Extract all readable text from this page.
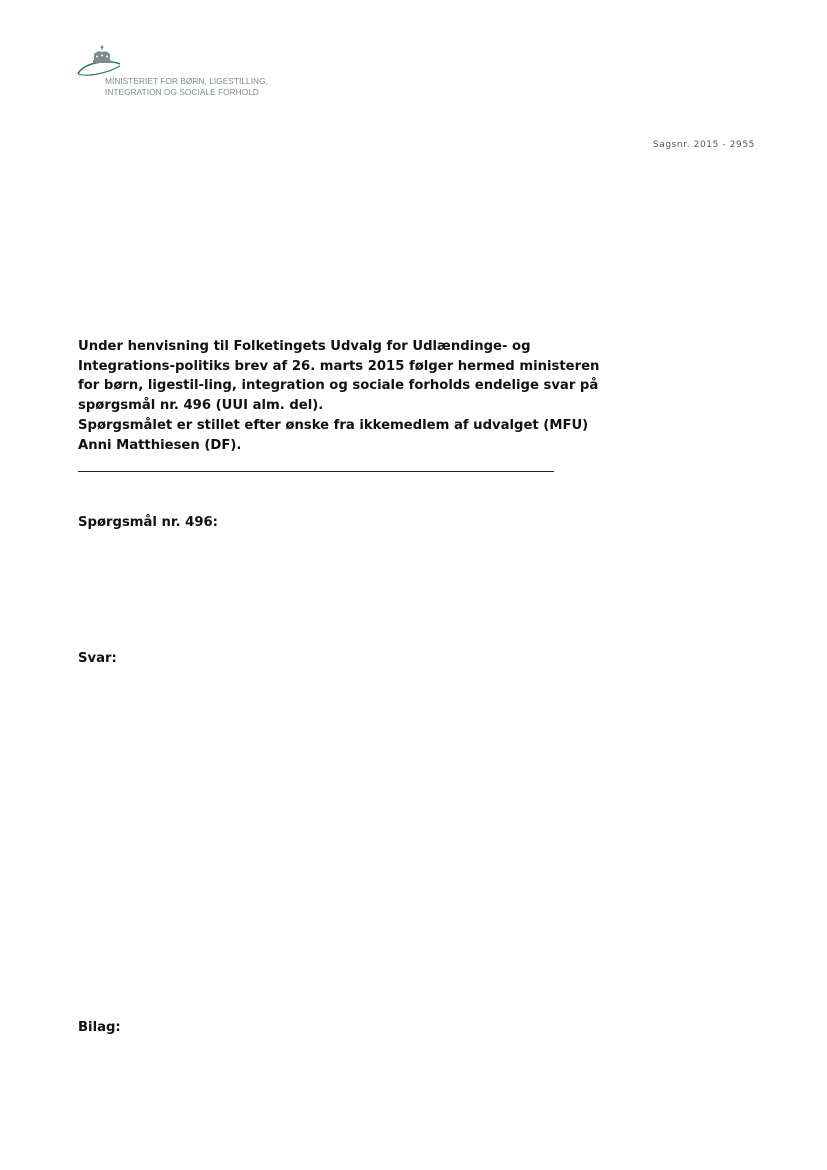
MINISTERIET FOR BØRN, LIGESTILLING,
INTEGRATION OG SOCIALE FORHOLD
Sagsnr. 2015 - 2955

Under henvisning til Folketingets Udvalg for Udlændinge- og Integrations-politiks brev af 26. marts 2015 følger hermed ministeren for børn, ligestil-ling, integration og sociale forholds endelige svar på spørgsmål nr. 496 (UUI alm. del).

Spørgsmålet er stillet efter ønske fra ikkemedlem af udvalget (MFU) Anni Matthiesen (DF).

Spørgsmål nr. 496:
Svar:
Bilag:
